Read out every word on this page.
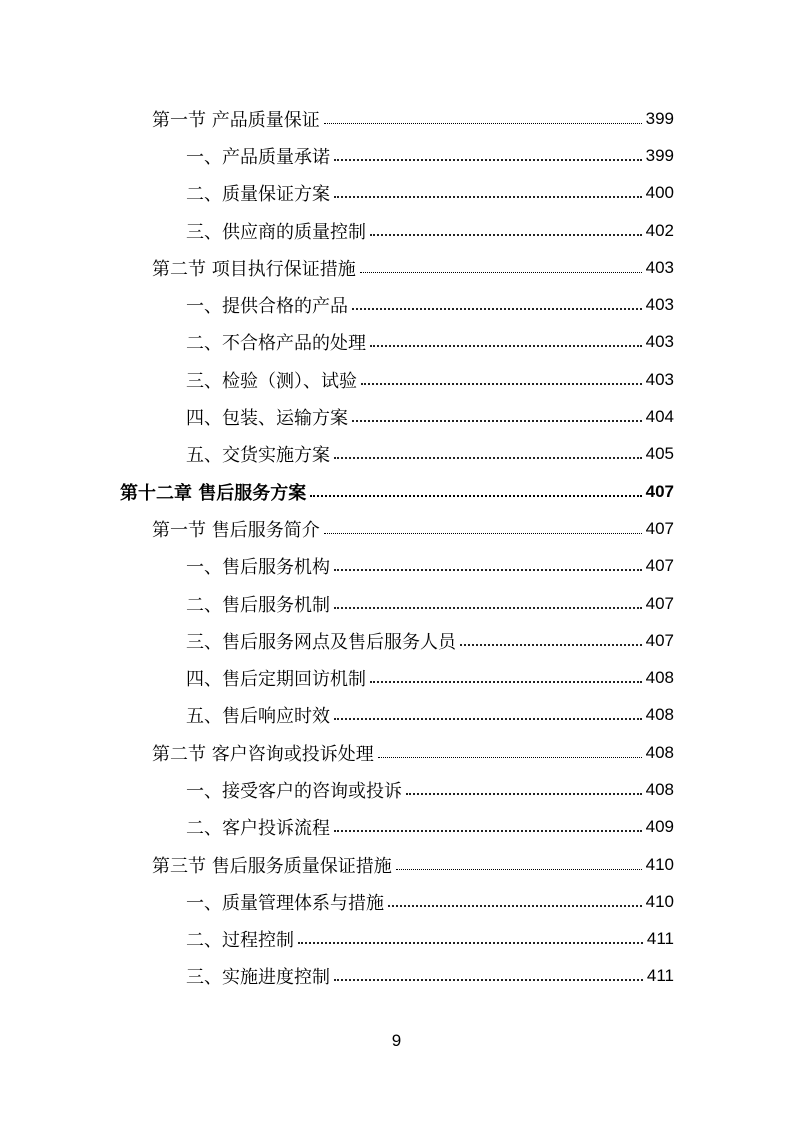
第一节 产品质量保证	399
一、产品质量承诺	399
二、质量保证方案	400
三、供应商的质量控制	402
第二节 项目执行保证措施	403
一、提供合格的产品	403
二、不合格产品的处理	403
三、检验（测）、试验	403
四、包装、运输方案	404
五、交货实施方案	405
第十二章 售后服务方案	407
第一节 售后服务简介	407
一、售后服务机构	407
二、售后服务机制	407
三、售后服务网点及售后服务人员	407
四、售后定期回访机制	408
五、售后响应时效	408
第二节 客户咨询或投诉处理	408
一、接受客户的咨询或投诉	408
二、客户投诉流程	409
第三节 售后服务质量保证措施	410
一、质量管理体系与措施	410
二、过程控制	411
三、实施进度控制	411
9
